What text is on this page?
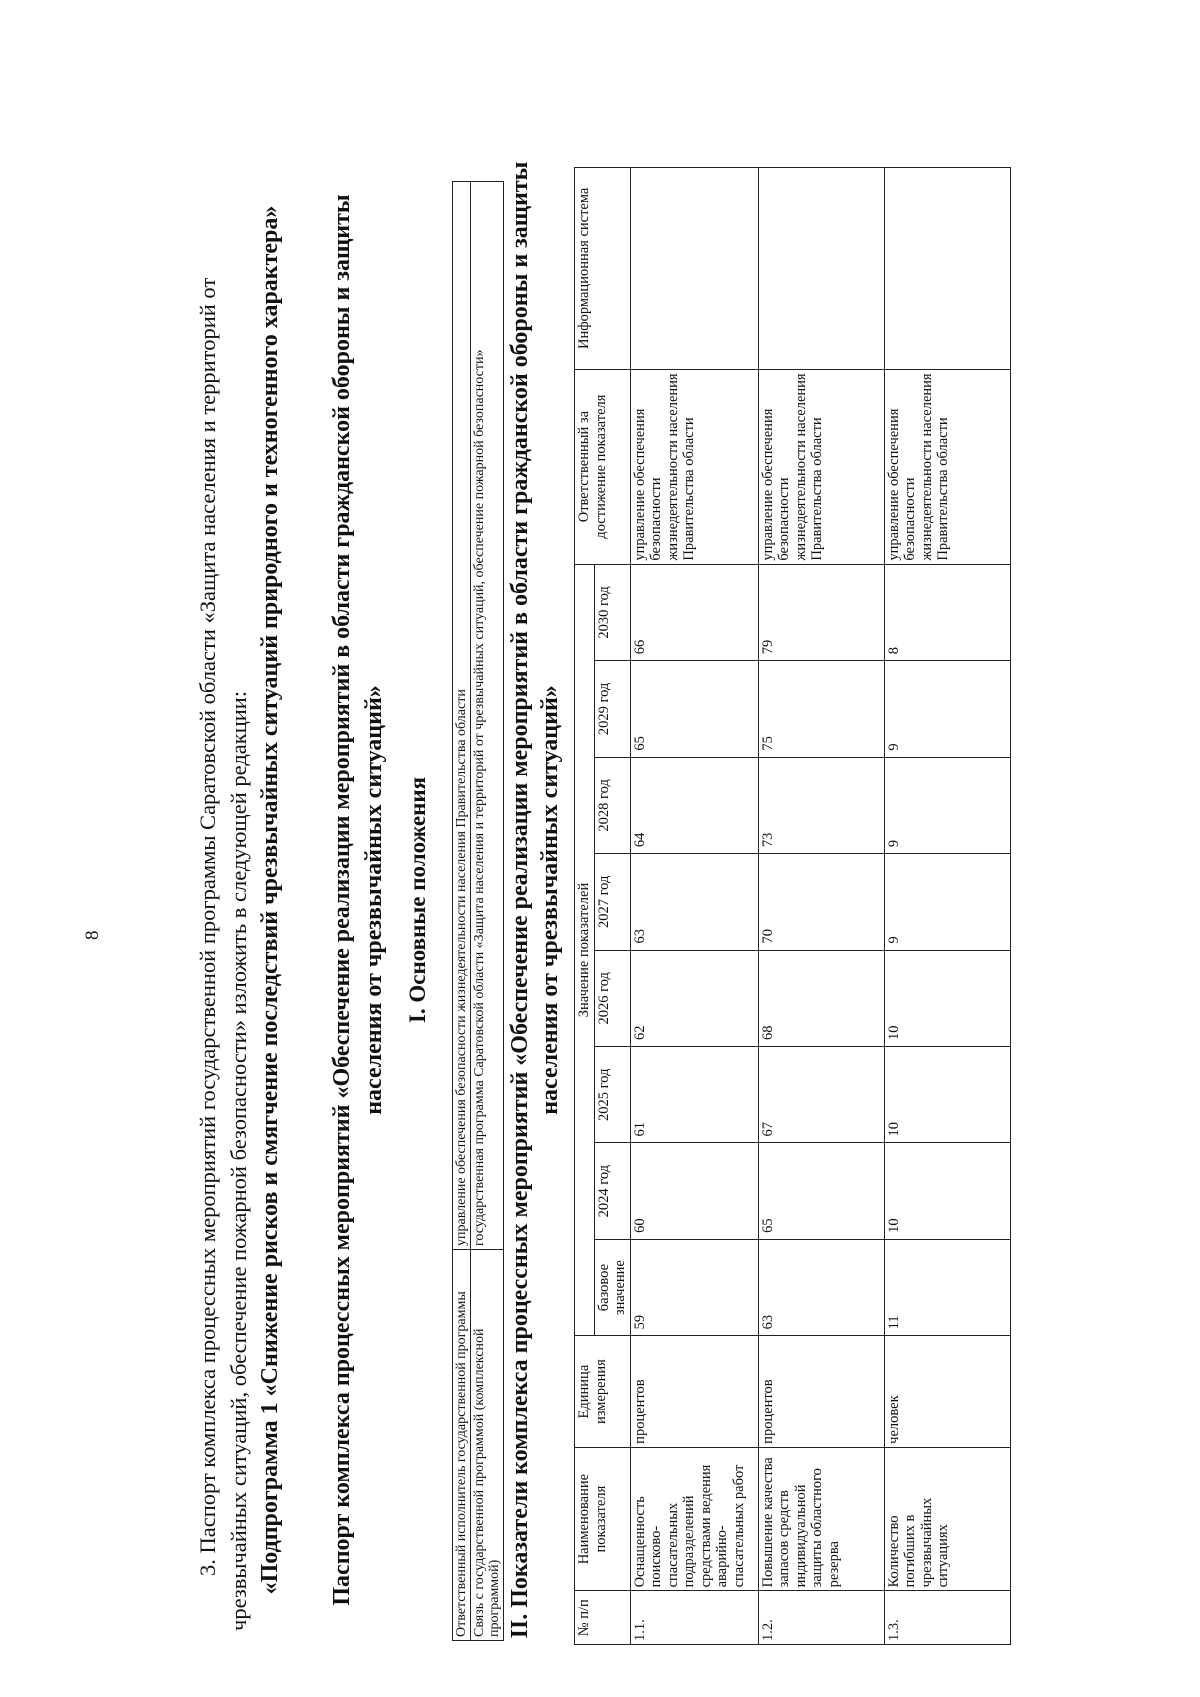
8	3. Паспорт комплекса процессных мероприятий государственной программы Саратовской области «Защита населения и территорий от чрезвычайных ситуаций, обеспечение пожарной безопасности» изложить в следующей редакции: «Подпрограмма 1 «Снижение рисков и смягчение последствий чрезвычайных ситуаций природного и техногенного характера» Паспорт комплекса процессных мероприятий «Обеспечение реализации мероприятий в области гражданской обороны и защиты населения от чрезвычайных ситуаций» I. Основные положения
Ответственный исполнитель государственной программы	управление обеспечения безопасности жизнедеятельности населения Правительства области
Связь с государственной программой (комплексной программой)	государственная программа Саратовской области «Защита населения и территорий от чрезвычайных ситуаций, обеспечение пожарной безопасности» II. Показатели комплекса процессных мероприятий «Обеспечение реализации мероприятий в области гражданской обороны и защиты населения от чрезвычайных ситуаций»
№ п/п	Наименование показателя	Единица измерения	Значение показателей								Ответственный за достижение показателя	Информационная система
			базовое значение	2024 год	2025 год	2026 год	2027 год	2028 год	2029 год	2030 год		
1.1.	Оснащенность поисково-спасательных подразделений средствами ведения аварийно-спасательных работ	процентов	59	60	61	62	63	64	65	66	управление обеспечения безопасности жизнедеятельности населения Правительства области	
1.2.	Повышение качества запасов средств индивидуальной защиты областного резерва	процентов	63	65	67	68	70	73	75	79	управление обеспечения безопасности жизнедеятельности населения Правительства области	
1.3.	Количество погибших в чрезвычайных ситуациях	человек	11	10	10	10	9	9	9	8	управление обеспечения безопасности жизнедеятельности населения Правительства области	
